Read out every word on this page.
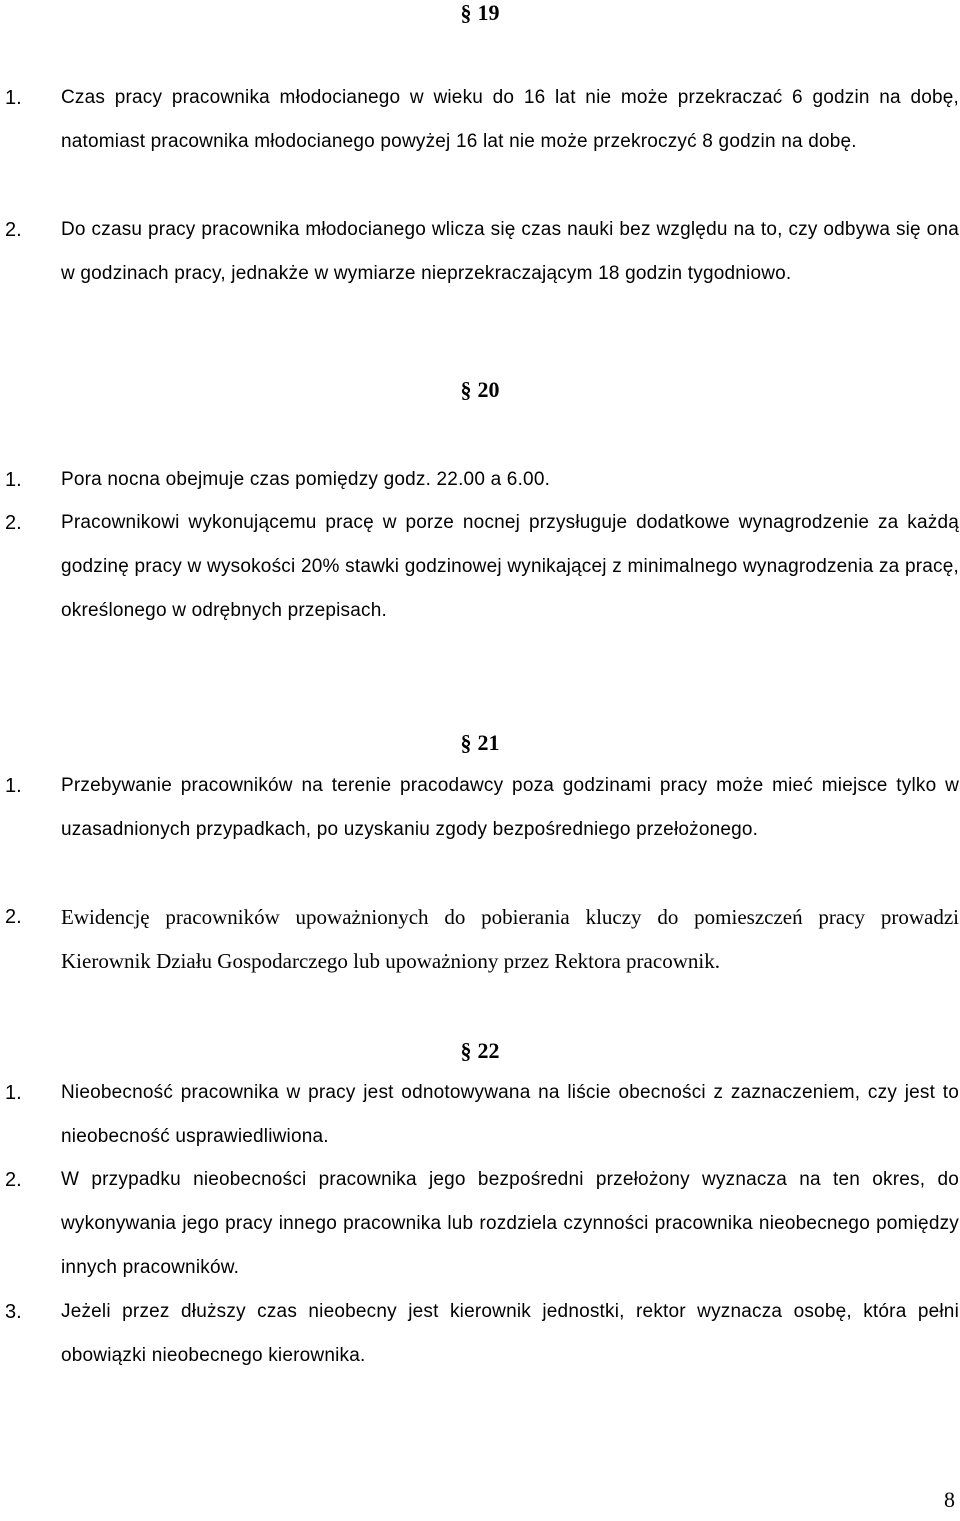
§ 19
1. Czas pracy pracownika młodocianego w wieku do 16 lat nie może przekraczać 6 godzin na dobę, natomiast pracownika młodocianego powyżej 16 lat nie może przekroczyć 8 godzin na dobę.
2. Do czasu pracy pracownika młodocianego wlicza się czas nauki bez względu na to, czy odbywa się ona w godzinach pracy, jednakże w wymiarze nieprzekraczającym 18 godzin tygodniowo.
§ 20
1. Pora nocna obejmuje czas pomiędzy godz. 22.00 a 6.00.
2. Pracownikowi wykonującemu pracę w porze nocnej przysługuje dodatkowe wynagrodzenie za każdą godzinę pracy w wysokości 20% stawki godzinowej wynikającej z minimalnego wynagrodzenia za pracę, określonego w odrębnych przepisach.
§ 21
1. Przebywanie pracowników na terenie pracodawcy poza godzinami pracy może mieć miejsce tylko w uzasadnionych przypadkach, po uzyskaniu zgody bezpośredniego przełożonego.
2. Ewidencję pracowników upoważnionych do pobierania kluczy do pomieszczeń pracy prowadzi Kierownik Działu Gospodarczego lub upoważniony przez Rektora pracownik.
§ 22
1. Nieobecność pracownika w pracy jest odnotowywana na liście obecności z zaznaczeniem, czy jest to nieobecność usprawiedliwiona.
2. W przypadku nieobecności pracownika jego bezpośredni przełożony wyznacza na ten okres, do wykonywania jego pracy innego pracownika lub rozdziela czynności pracownika nieobecnego pomiędzy innych pracowników.
3. Jeżeli przez dłuższy czas nieobecny jest kierownik jednostki, rektor wyznacza osobę, która pełni obowiązki nieobecnego kierownika.
8
